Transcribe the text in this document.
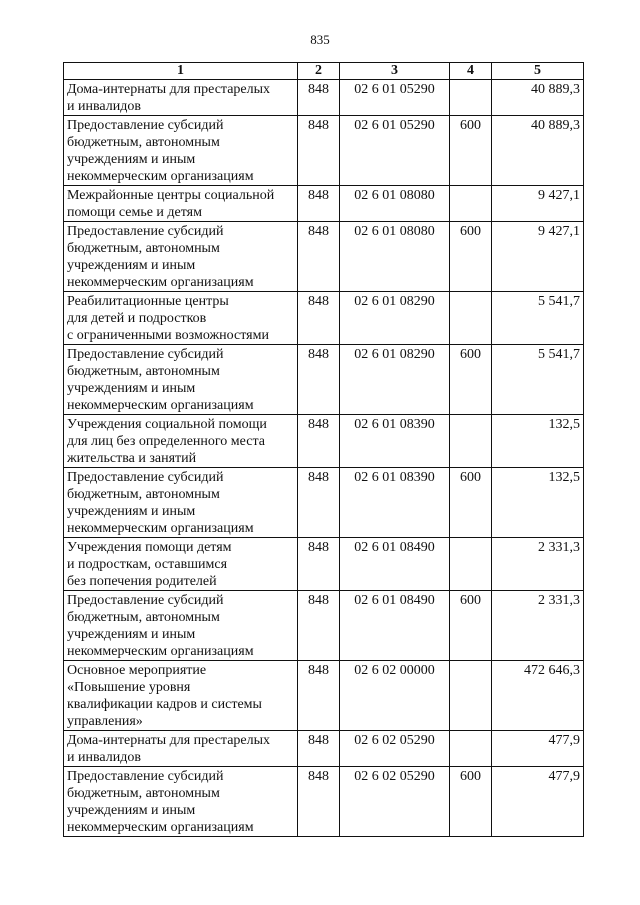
835
1	2	3	4	5
Дома-интернаты для престарелых
и инвалидов	848	02 6 01 05290		40 889,3
Предоставление субсидий
бюджетным, автономным
учреждениям и иным
некоммерческим организациям	848	02 6 01 05290	600	40 889,3
Межрайонные центры социальной
помощи семье и детям	848	02 6 01 08080		9 427,1
Предоставление субсидий
бюджетным, автономным
учреждениям и иным
некоммерческим организациям	848	02 6 01 08080	600	9 427,1
Реабилитационные центры
для детей и подростков
с ограниченными возможностями	848	02 6 01 08290		5 541,7
Предоставление субсидий
бюджетным, автономным
учреждениям и иным
некоммерческим организациям	848	02 6 01 08290	600	5 541,7
Учреждения социальной помощи
для лиц без определенного места
жительства и занятий	848	02 6 01 08390		132,5
Предоставление субсидий
бюджетным, автономным
учреждениям и иным
некоммерческим организациям	848	02 6 01 08390	600	132,5
Учреждения помощи детям
и подросткам, оставшимся
без попечения родителей	848	02 6 01 08490		2 331,3
Предоставление субсидий
бюджетным, автономным
учреждениям и иным
некоммерческим организациям	848	02 6 01 08490	600	2 331,3
Основное мероприятие
«Повышение уровня
квалификации кадров и системы
управления»	848	02 6 02 00000		472 646,3
Дома-интернаты для престарелых
и инвалидов	848	02 6 02 05290		477,9
Предоставление субсидий
бюджетным, автономным
учреждениям и иным
некоммерческим организациям	848	02 6 02 05290	600	477,9
